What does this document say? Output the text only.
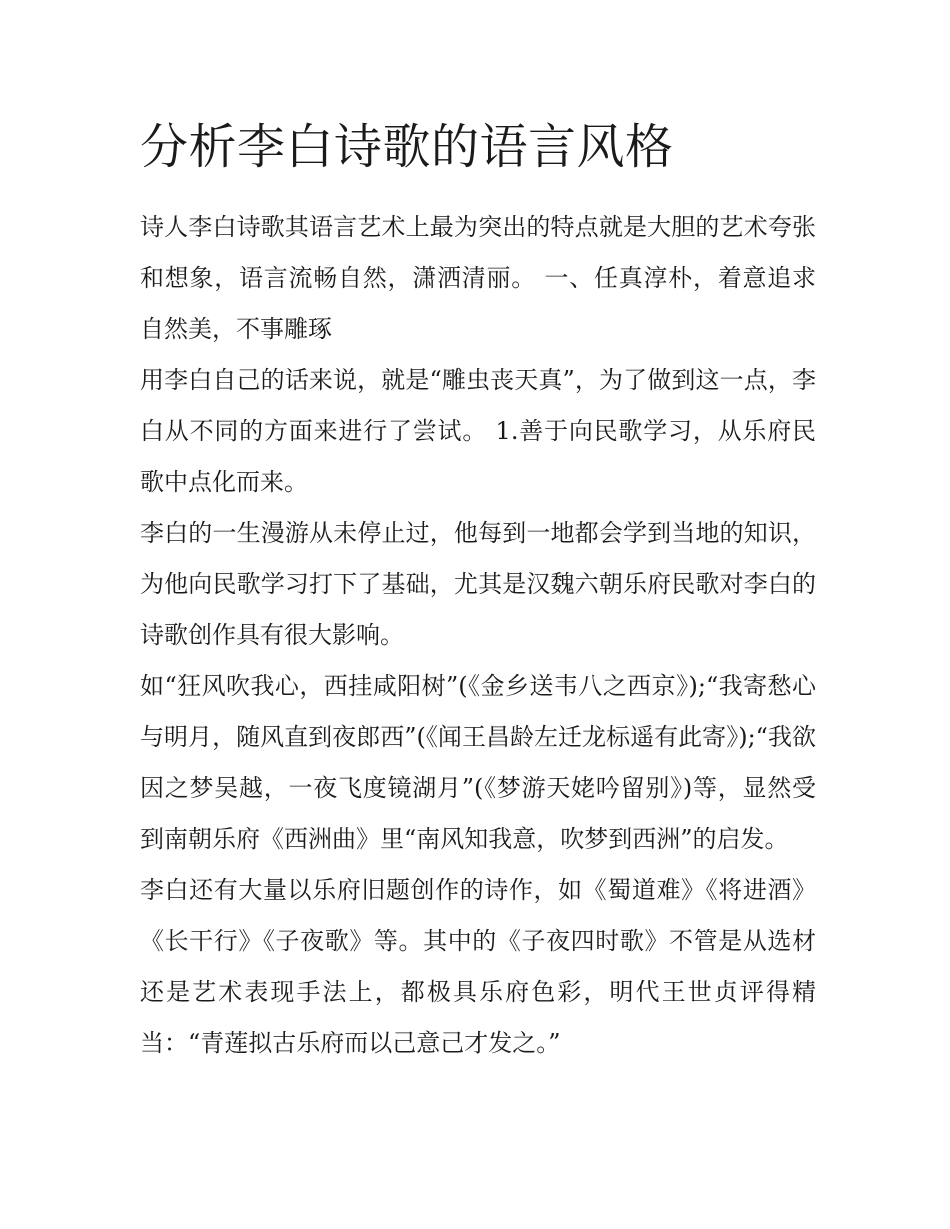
分析李白诗歌的语言风格

诗人李白诗歌其语言艺术上最为突出的特点就是大胆的艺术夸张和想象，语言流畅自然，潇洒清丽。 一、任真淳朴，着意追求自然美，不事雕琢

用李白自己的话来说，就是“雕虫丧天真”，为了做到这一点，李白从不同的方面来进行了尝试。 1.善于向民歌学习，从乐府民歌中点化而来。

李白的一生漫游从未停止过，他每到一地都会学到当地的知识，为他向民歌学习打下了基础，尤其是汉魏六朝乐府民歌对李白的诗歌创作具有很大影响。

如“狂风吹我心，西挂咸阳树”(《金乡送韦八之西京》);“我寄愁心与明月，随风直到夜郎西”(《闻王昌龄左迁龙标遥有此寄》);“我欲因之梦吴越，一夜飞度镜湖月”(《梦游天姥吟留别》)等，显然受到南朝乐府《西洲曲》里“南风知我意，吹梦到西洲”的启发。

李白还有大量以乐府旧题创作的诗作，如《蜀道难》《将进酒》《长干行》《子夜歌》等。其中的《子夜四时歌》不管是从选材还是艺术表现手法上，都极具乐府色彩，明代王世贞评得精当：“青莲拟古乐府而以己意己才发之。”
